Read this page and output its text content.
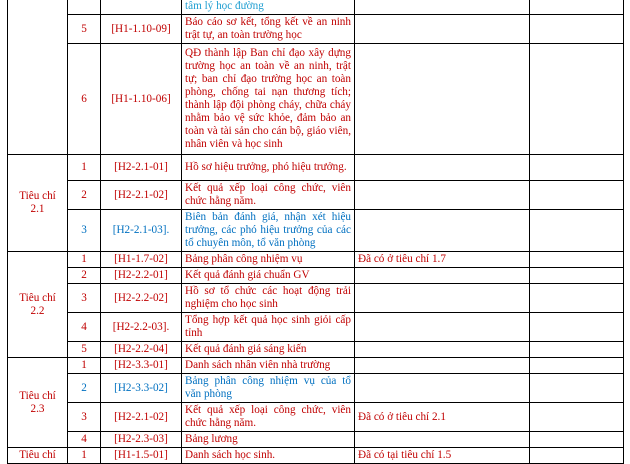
			tâm lý học đường		
	5	[H1-1.10-09]	Báo cáo sơ kết, tổng kết về an ninh trật tự, an toàn trường học		
	6	[H1-1.10-06]	QĐ thành lập Ban chỉ đạo xây dựng trường học an toàn về an ninh, trật tự; ban chỉ đạo trường học an toàn phòng, chống tai nạn thương tích; thành lập đội phòng cháy, chữa cháy nhằm bảo vệ sức khỏe, đảm bảo an toàn và tài sản cho cán bộ, giáo viên, nhân viên và học sinh		
Tiêu chí 2.1	1	[H2-2.1-01]	Hồ sơ hiệu trưởng, phó hiệu trưởng.		
	2	[H2-2.1-02]	Kết quả xếp loại công chức, viên chức hằng năm.		
	3	[H2-2.1-03].	Biên bản đánh giá, nhận xét hiệu trưởng, các phó hiệu trưởng của các tổ chuyên môn, tổ văn phòng		
Tiêu chí 2.2	1	[H1-1.7-02]	Bảng phân công nhiệm vụ	Đã có ở tiêu chí 1.7	
	2	[H2-2.2-01]	Kết quả đánh giá chuẩn GV		
	3	[H2-2.2-02]	Hồ sơ tổ chức các hoạt động trải nghiệm cho học sinh		
	4	[H2-2.2-03].	Tổng hợp kết quả học sinh giỏi cấp tỉnh		
	5	[H2-2.2-04]	Kết quả đánh giá sáng kiến		
Tiêu chí 2.3	1	[H2-3.3-01]	Danh sách nhân viên nhà trường		
	2	[H2-3.3-02]	Bảng phân công nhiệm vụ của tổ văn phòng		
	3	[H2-2.1-02]	Kết quả xếp loại công chức, viên chức hằng năm.	Đã có ở tiêu chí 2.1	
	4	[H2-2.3-03]	Bảng lương		
Tiêu chí	1	[H1-1.5-01]	Danh sách học sinh.	Đã có tại tiêu chí 1.5	
